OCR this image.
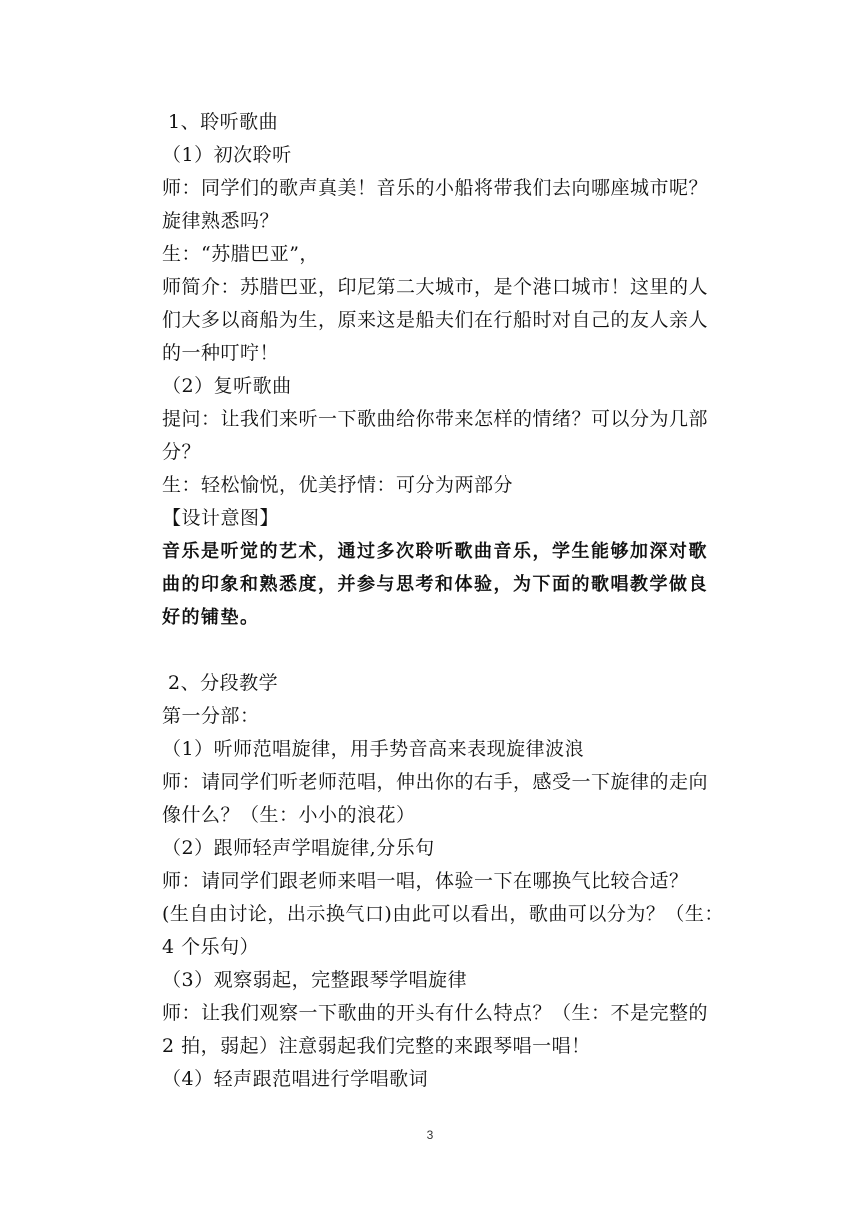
1、聆听歌曲
（1）初次聆听
师：同学们的歌声真美！音乐的小船将带我们去向哪座城市呢？
旋律熟悉吗？
生：“苏腊巴亚”，
师简介：苏腊巴亚，印尼第二大城市，是个港口城市！这里的人
们大多以商船为生，原来这是船夫们在行船时对自己的友人亲人
的一种叮咛！
（2）复听歌曲
提问：让我们来听一下歌曲给你带来怎样的情绪？可以分为几部
分？
生：轻松愉悦，优美抒情：可分为两部分
【设计意图】
音乐是听觉的艺术，通过多次聆听歌曲音乐，学生能够加深对歌
曲的印象和熟悉度，并参与思考和体验，为下面的歌唱教学做良
好的铺垫。
2、分段教学
第一分部：
（1）听师范唱旋律，用手势音高来表现旋律波浪
师：请同学们听老师范唱，伸出你的右手，感受一下旋律的走向
像什么？（生：小小的浪花）
（2）跟师轻声学唱旋律,分乐句
师：请同学们跟老师来唱一唱，体验一下在哪换气比较合适？
(生自由讨论，出示换气口)由此可以看出，歌曲可以分为？（生：
4 个乐句）
（3）观察弱起，完整跟琴学唱旋律
师：让我们观察一下歌曲的开头有什么特点？（生：不是完整的
2 拍，弱起）注意弱起我们完整的来跟琴唱一唱！
（4）轻声跟范唱进行学唱歌词
3
